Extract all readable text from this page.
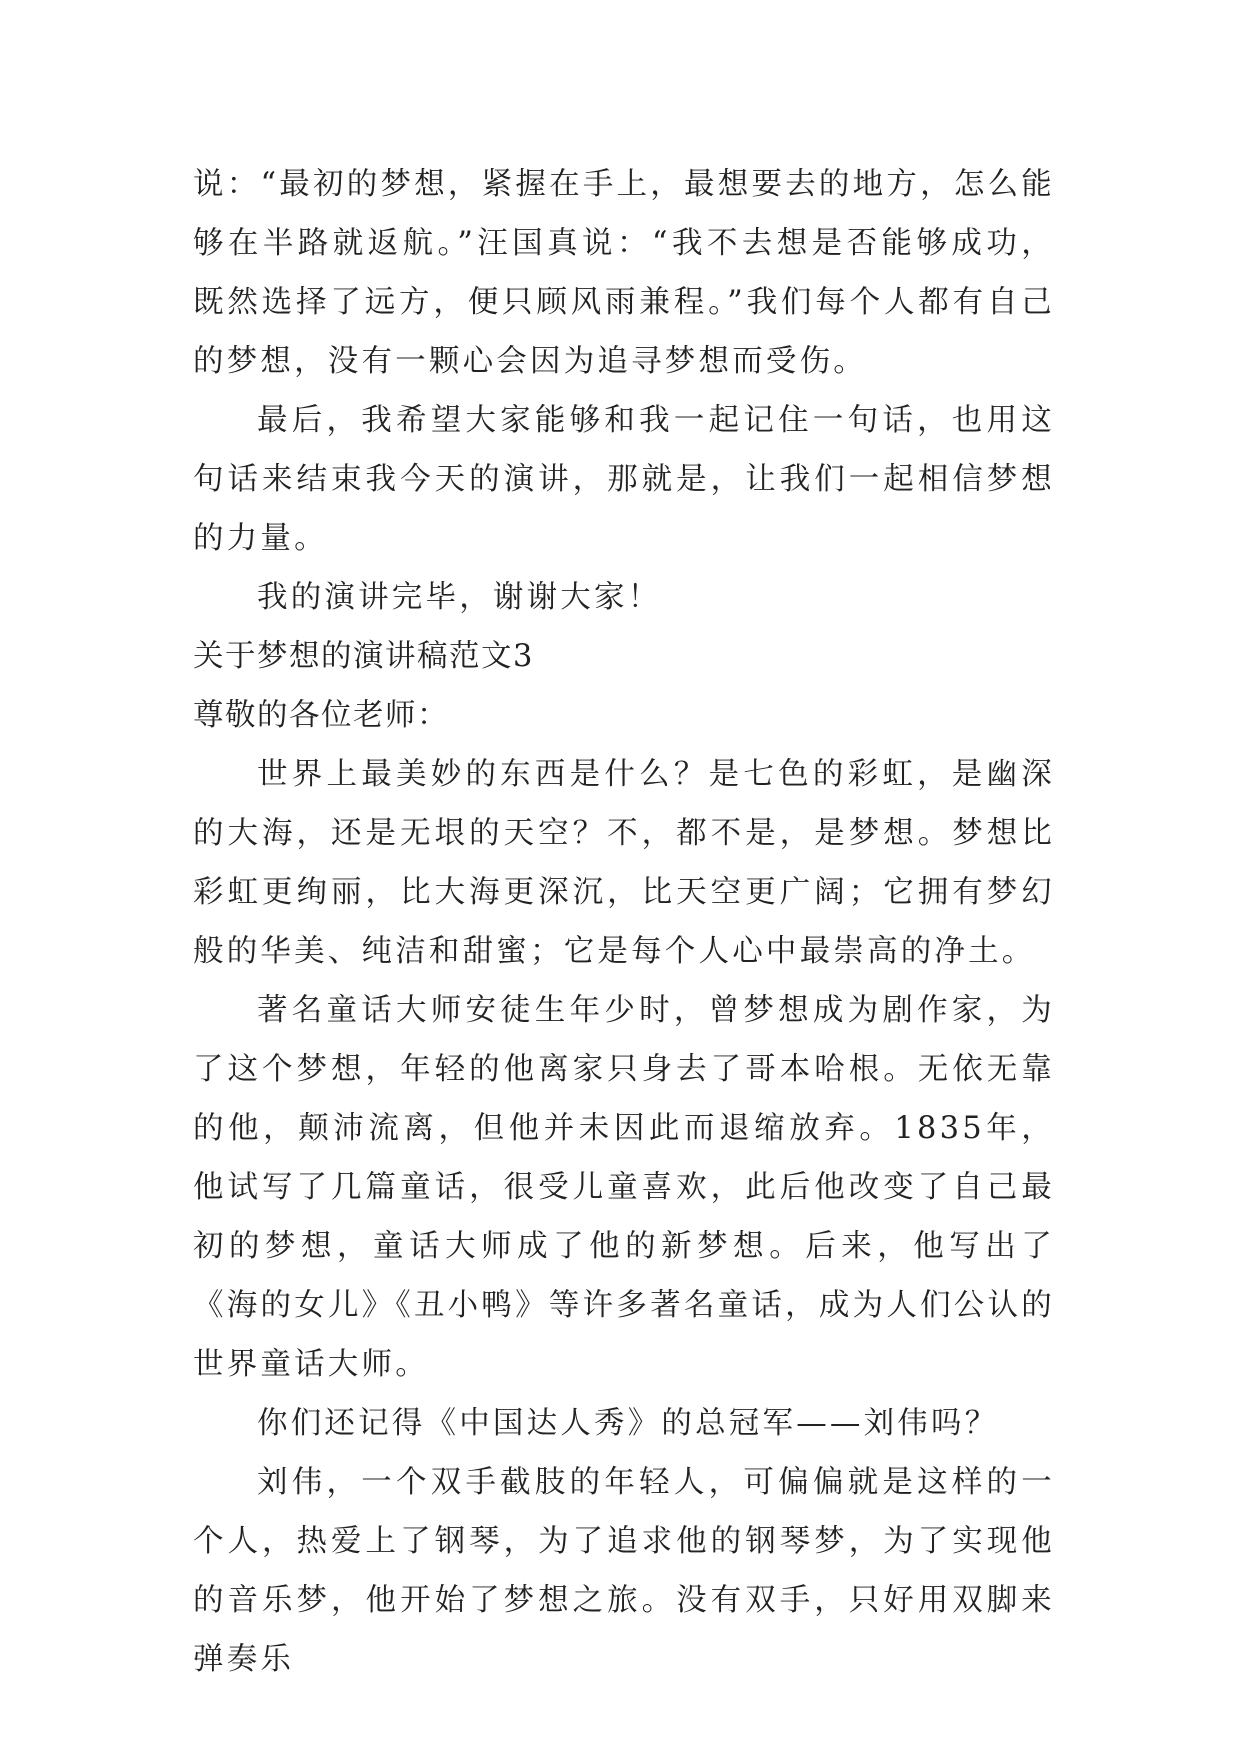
说：“最初的梦想，紧握在手上，最想要去的地方，怎么能够在半路就返航。”汪国真说：“我不去想是否能够成功，既然选择了远方，便只顾风雨兼程。”我们每个人都有自己的梦想，没有一颗心会因为追寻梦想而受伤。

最后，我希望大家能够和我一起记住一句话，也用这句话来结束我今天的演讲，那就是，让我们一起相信梦想的力量。

我的演讲完毕，谢谢大家！

关于梦想的演讲稿范文3

尊敬的各位老师：

世界上最美妙的东西是什么？是七色的彩虹，是幽深的大海，还是无垠的天空？不，都不是，是梦想。梦想比彩虹更绚丽，比大海更深沉，比天空更广阔；它拥有梦幻般的华美、纯洁和甜蜜；它是每个人心中最崇高的净土。

著名童话大师安徒生年少时，曾梦想成为剧作家，为了这个梦想，年轻的他离家只身去了哥本哈根。无依无靠的他，颠沛流离，但他并未因此而退缩放弃。1835年，他试写了几篇童话，很受儿童喜欢，此后他改变了自己最初的梦想，童话大师成了他的新梦想。后来，他写出了《海的女儿》《丑小鸭》等许多著名童话，成为人们公认的世界童话大师。

你们还记得《中国达人秀》的总冠军——刘伟吗？

刘伟，一个双手截肢的年轻人，可偏偏就是这样的一个人，热爱上了钢琴，为了追求他的钢琴梦，为了实现他的音乐梦，他开始了梦想之旅。没有双手，只好用双脚来弹奏乐
